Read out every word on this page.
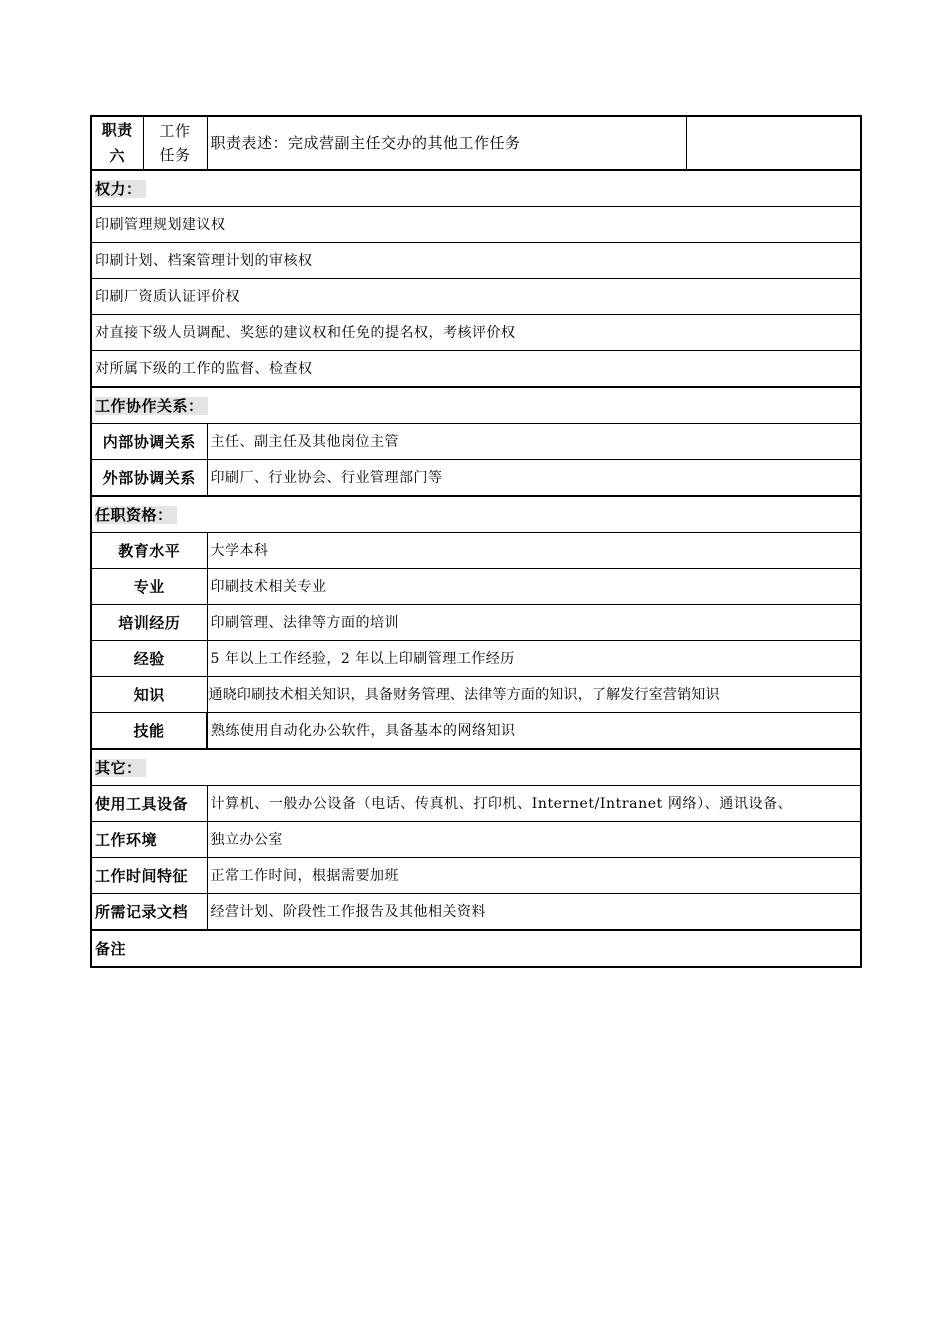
职责六	工作任务	职责表述：完成营副主任交办的其他工作任务	
权力：			
印刷管理规划建议权			
印刷计划、档案管理计划的审核权			
印刷厂资质认证评价权			
对直接下级人员调配、奖惩的建议权和任免的提名权，考核评价权			
对所属下级的工作的监督、检查权			
工作协作关系：			
内部协调关系		主任、副主任及其他岗位主管	
外部协调关系		印刷厂、行业协会、行业管理部门等	
任职资格：			
教育水平		大学本科	
专业		印刷技术相关专业	
培训经历		印刷管理、法律等方面的培训	
经验		5 年以上工作经验，2 年以上印刷管理工作经历	
知识		通晓印刷技术相关知识，具备财务管理、法律等方面的知识，了解发行室营销知识	
技能		熟练使用自动化办公软件，具备基本的网络知识	
其它：			
使用工具设备		计算机、一般办公设备（电话、传真机、打印机、Internet/Intranet 网络）、通讯设备、	
工作环境		独立办公室	
工作时间特征		正常工作时间，根据需要加班	
所需记录文档		经营计划、阶段性工作报告及其他相关资料	
备注			
